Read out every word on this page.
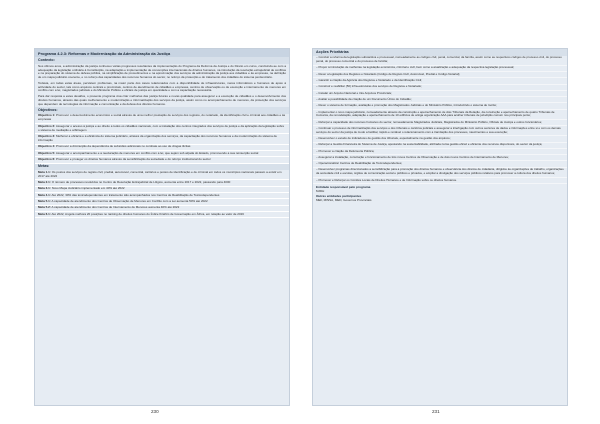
Programa 4.2.3: Reformas e Modernização da Administração da Justiça
Contexto:
Nos últimos anos, a administração da justiça conheceu várias progressos resultantes da implementação do Programa da Reforma da Justiça e do Direito em curso, concluindo-se com a adequação da legislação ordinária à Constituição, na adaptação e implementação de convenções internacionais de direitos humanos, na introdução da resolução extrajudicial de conflitos e na preparação do sistema de defesa pública, na simplificação de procedimentos e na aproximação dos serviços da administração da justiça aos cidadãos e às empresas, na definição de um mapa judiciário coerente, e no reforço das capacidades dos recursos humanos do sector, no reforço da protecção e do tratamento dos cidadãos do sistema penitenciário.
Todavia, em todas estas áreas, persistem problemas, na maior parte dos casos relacionados com a disponibilidade de infraestruturas, meios informáticos e humanos de apoio à actividade do sector, tais como arquivos centrais e provinciais, centros de atendimento de cidadãos e empresas, centros de observação ou de execução e internamento de menores em conflito com a lei, magistrados judiciais e do Ministério Público e oficiais de justiça em quantidade e com a capacitação necessária.
Para dar resposta a estes desafios, o presente programa visa criar melhorias das justiça futuras e novas qualidade para assegurar e a execução de cidadãos e o desenvolvimento dos direitos humanos, através das quais melhoramento e modernização e informatização dos serviços da justiça, assim como no acompanhamento de menores, da protecção dos serviços que dependem de tecnologias de informação e comunicação e da defesa dos direitos humanos.
Objectivos:
Objectivo 1: Promover o desenvolvimento económico e social através de uma melhor prestação de serviços dos registos, do notariado, da identificação civil e criminal aos cidadãos e às empresas
Objectivo 2: Assegurar o acesso à justiça e ao direito a todos os cidadãos nacionais, com a instalação dos centros integrados dos serviços de justiça e da aplicação da legislação sobre o sistema de mediação e arbitragem
Objectivo 3: Melhorar a eficácia e a eficiência do sistema judiciário, através da organização dos serviços, da capacitação dos recursos humanos e da modernização do sistema de informação
Objectivo 4: Promover a diminuição da dependência de subsídios adicionais no combate ao uso de drogas ilícitas
Objectivo 5: Assegurar o acompanhamento e a reeducação de menores em conflito com a lei, que sejam sob alçada do Estado, promovendo a sua reinserção social
Objectivo 6: Promover e proteger os direitos humanos através da sensibilização da sociedade e do reforço institucional do sector
Metas:
Meta 1.1: Os postos dos serviços de registo civil, predial, automóvel, comercial, cartórios e postos de identificação e de criminal em todos os municípios nacionais passam a existir em 2017 até 2022
Meta 2.1: O número de processos resolvidos no Centro de Resolução Extrajudicial de Litígios, aumenta entre 2017 e 2022, passando para 4000
Meta 3.1: Novo Mapa Judiciário implementado em 40% até 2022
Meta 4.1: Até 2022, 30% das toxicodependentes em tratamento são acompanhados nos Centros de Reabilitação de Toxicodependentes
Meta 5.1: A capacidade de atendimento dos Centros de Observação de Menores em Conflito com a Lei aumenta 50% até 2022
Meta 5.2: A capacidade de atendimento dos Centros de Internamento de Menores aumenta 40% até 2022
Meta 6.1: Até 2022, Angola melhora 20 posições no ranking de direitos humanos do Índice Ibrahim de Governação em África, em relação ao valor de 2016
230
Acções Prioritárias
– Concluir a reforma da legislação substantiva e processual, nomeadamente as códigos civil, penal, comercial, da família, assim como as respectivos códigos de processo civil, do processo penal, do processo comercial e do processo de família;
– Propor à introdução de melhorias na legislação económica, criminal e civil, bem como a atualização e adequação da respectiva legislação processual;
– Rever a legislação dos Registos e Notariado (Código de Registo Civil, Automóvel, Predial e Código Notarial);
– Garantir a criação da Agência dos Registos e Notariado e da Identificação Civil;
– Construir e reabilitar (50) infra-estruturas dos serviços de Registos e Notariado;
– Instalar um Arquivo Nacional e três Arquivos Provinciais;
– Avaliar a possibilidade da criação de um Documento Único do Cidadão;
– Rever o sistema de formação, avaliação e promoção dos Magistrados Judiciais e do Ministério Público, introduzindo o sistema de mérito;
– Implementar o novo mapa judiciário, nomeadamente através da construção e apetrechamento de dois Tribunais da Relação, da construção e apetrechamento de quatro Tribunais de Comarca, da remodelação, adaptação e apetrechamento de 10 edifícios de antiga organização AAA para acolher tribunais de jurisdição comum nos principais ponto;
– Reforçar a capacidade dos recursos humanos do sector, nomeadamente Magistrados Judiciais, Magistrados do Ministério Público, Oficiais de Justiça e outros funcionários;
– Continuar o processo de informatização dos serviços e dos tribunais e cartórios judiciais e assegurar a interligação com outros sectores de dados e informações entre si e com os demais serviços do sector da justiça de modo a facilitar, rápido e rentável o relacionamento com a tramitação dos processos, nascimentos e sua execução;
– Desenvolver o estudo de indicadores de gestão dos tribunais, especialmente na gestão dos arquivos;
– Reforçar a Gestão Financeira do Sistema de Justiça, apostando na sustentabilidade, alinhada numa gestão eficaz e eficiente dos recursos disponíveis, do sector da justiça;
– Promover a criação da Defensoria Pública;
– Assegurar a instalação, construção e funcionamento de três novos Centros de Observação e de dois novos Centros de Internamento de Menores;
– Operacionalizar Centros de Reabilitação de Toxicodependentes;
– Desenvolver programas direccionados a sensibilização para a promoção dos direitos humanos e observância dos direitos de cidadania, dirigidos às organizações de trabalho, organizações da sociedade civil e escolas, órgãos de comunicação social e públicos e privados, e ampliar a divulgação dos serviços públicos relativos para promover a cultura dos direitos humanos;
– Promover e Reforçar os Comités Locais de Direitos Humanos e de Informação sobre os direitos humanos.
Entidade responsável pelo programa
MJDH
Outras entidades participantes
MEF, MINSA, MED, Governos Provinciais
231
